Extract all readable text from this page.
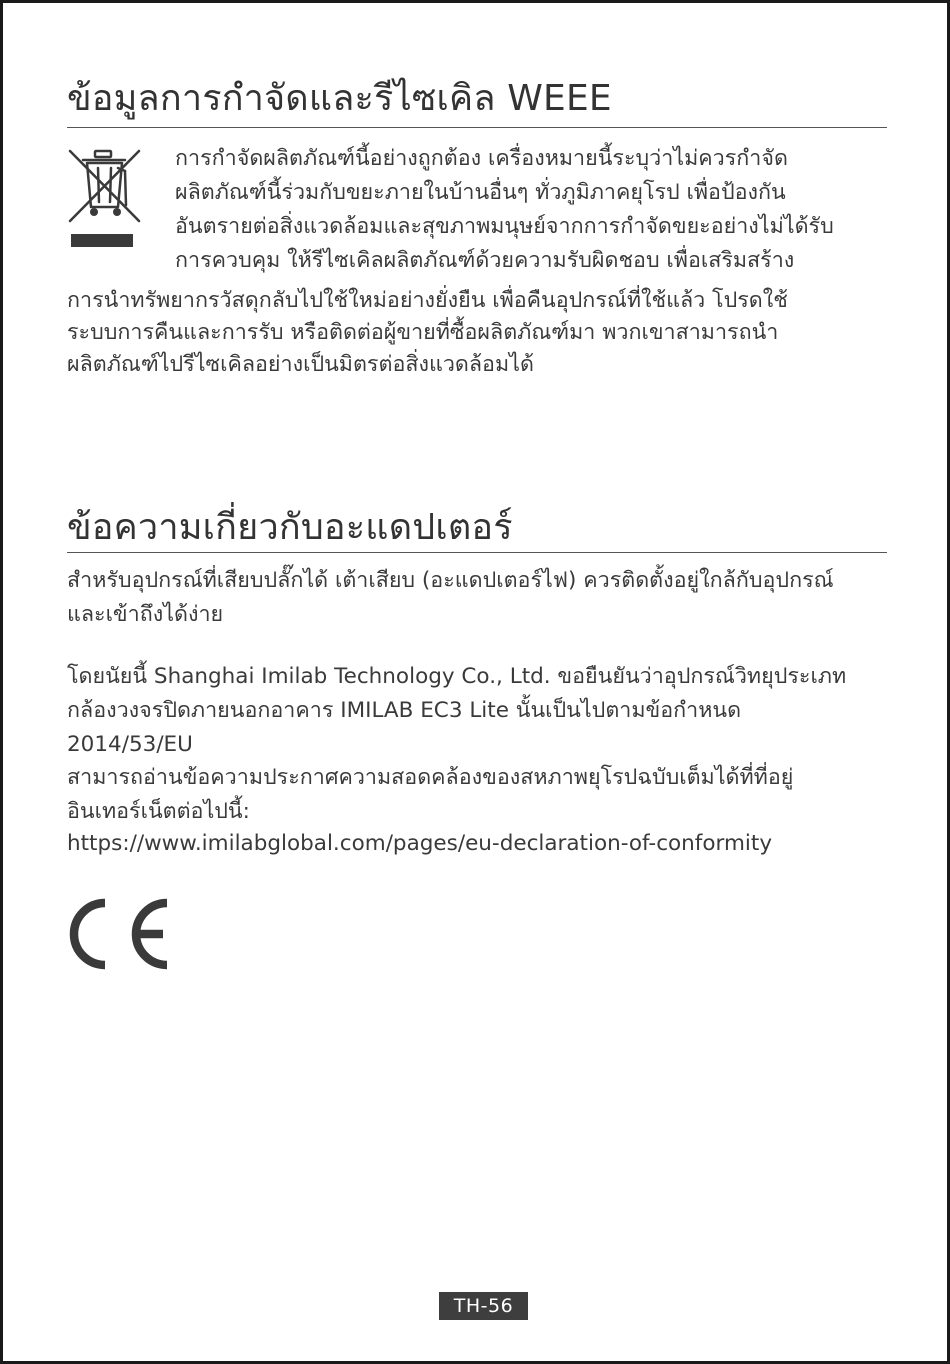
ข้อมูลการกำจัดและรีไซเคิล WEEE

การกำจัดผลิตภัณฑ์นี้อย่างถูกต้อง เครื่องหมายนี้ระบุว่าไม่ควรกำจัด

ผลิตภัณฑ์นี้ร่วมกับขยะภายในบ้านอื่นๆ ทั่วภูมิภาคยุโรป เพื่อป้องกัน

อันตรายต่อสิ่งแวดล้อมและสุขภาพมนุษย์จากการกำจัดขยะอย่างไม่ได้รับ

การควบคุม ให้รีไซเคิลผลิตภัณฑ์ด้วยความรับผิดชอบ เพื่อเสริมสร้าง

การนำทรัพยากรวัสดุกลับไปใช้ใหม่อย่างยั่งยืน เพื่อคืนอุปกรณ์ที่ใช้แล้ว โปรดใช้

ระบบการคืนและการรับ หรือติดต่อผู้ขายที่ซื้อผลิตภัณฑ์มา พวกเขาสามารถนำ

ผลิตภัณฑ์ไปรีไซเคิลอย่างเป็นมิตรต่อสิ่งแวดล้อมได้

ข้อความเกี่ยวกับอะแดปเตอร์

สำหรับอุปกรณ์ที่เสียบปลั๊กได้ เต้าเสียบ (อะแดปเตอร์ไฟ) ควรติดตั้งอยู่ใกล้กับอุปกรณ์ และเข้าถึงได้ง่าย

โดยนัยนี้ Shanghai Imilab Technology Co., Ltd. ขอยืนยันว่าอุปกรณ์วิทยุประเภท กล้องวงจรปิดภายนอกอาคาร IMILAB EC3 Lite นั้นเป็นไปตามข้อกำหนด 2014/53/EU

สามารถอ่านข้อความประกาศความสอดคล้องของสหภาพยุโรปฉบับเต็มได้ที่ที่อยู่อินเทอร์เน็ตต่อไปนี้:

https://www.imilabglobal.com/pages/eu-declaration-of-conformity

TH-56
